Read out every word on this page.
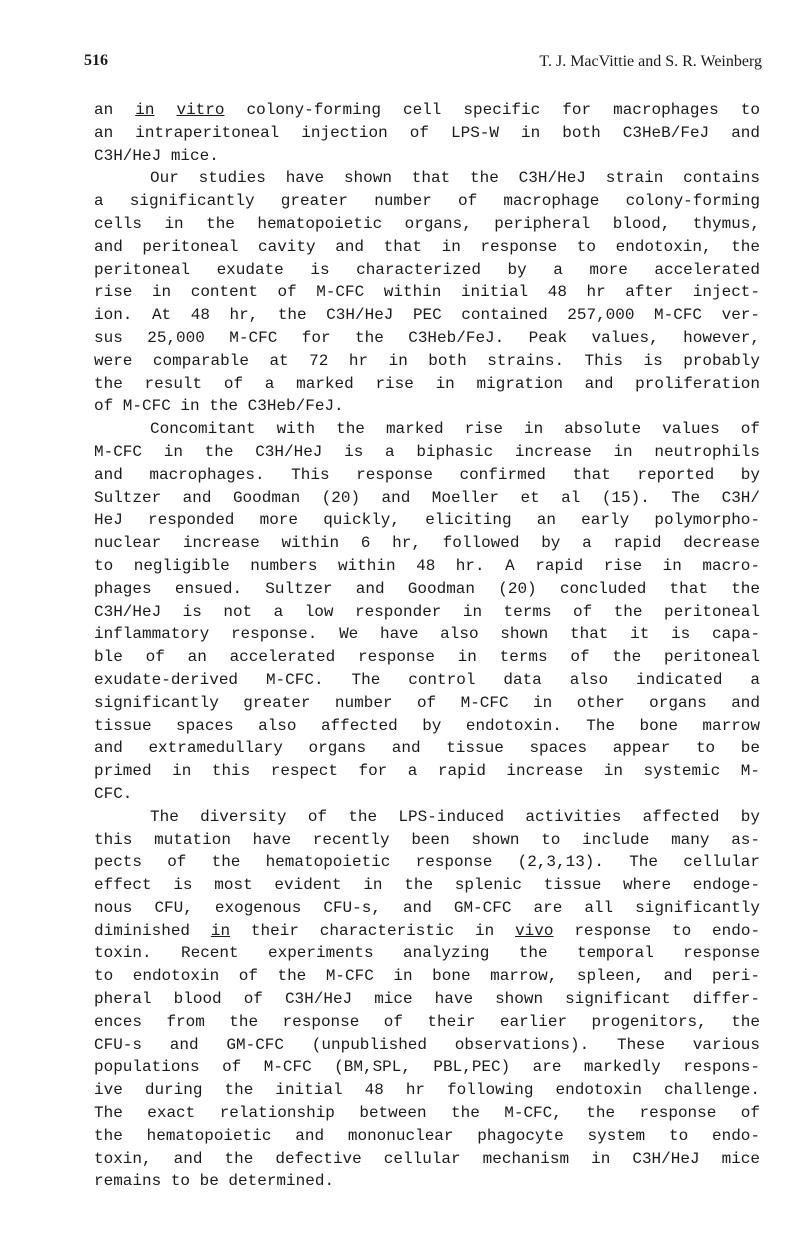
516	T. J. MacVittie and S. R. Weinberg
an in vitro colony-forming cell specific for macrophages to
an intraperitoneal injection of LPS-W in both C3HeB/FeJ and
C3H/HeJ mice.
Our studies have shown that the C3H/HeJ strain contains
a significantly greater number of macrophage colony-forming
cells in the hematopoietic organs, peripheral blood, thymus,
and peritoneal cavity and that in response to endotoxin, the
peritoneal exudate is characterized by a more accelerated
rise in content of M-CFC within initial 48 hr after inject-
ion. At 48 hr, the C3H/HeJ PEC contained 257,000 M-CFC ver-
sus 25,000 M-CFC for the C3Heb/FeJ. Peak values, however,
were comparable at 72 hr in both strains. This is probably
the result of a marked rise in migration and proliferation
of M-CFC in the C3Heb/FeJ.
Concomitant with the marked rise in absolute values of
M-CFC in the C3H/HeJ is a biphasic increase in neutrophils
and macrophages. This response confirmed that reported by
Sultzer and Goodman (20) and Moeller et al (15). The C3H/
HeJ responded more quickly, eliciting an early polymorpho-
nuclear increase within 6 hr, followed by a rapid decrease
to negligible numbers within 48 hr. A rapid rise in macro-
phages ensued. Sultzer and Goodman (20) concluded that the
C3H/HeJ is not a low responder in terms of the peritoneal
inflammatory response. We have also shown that it is capa-
ble of an accelerated response in terms of the peritoneal
exudate-derived M-CFC. The control data also indicated a
significantly greater number of M-CFC in other organs and
tissue spaces also affected by endotoxin. The bone marrow
and extramedullary organs and tissue spaces appear to be
primed in this respect for a rapid increase in systemic M-
CFC.
The diversity of the LPS-induced activities affected by
this mutation have recently been shown to include many as-
pects of the hematopoietic response (2,3,13). The cellular
effect is most evident in the splenic tissue where endoge-
nous CFU, exogenous CFU-s, and GM-CFC are all significantly
diminished in their characteristic in vivo response to endo-
toxin. Recent experiments analyzing the temporal response
to endotoxin of the M-CFC in bone marrow, spleen, and peri-
pheral blood of C3H/HeJ mice have shown significant differ-
ences from the response of their earlier progenitors, the
CFU-s and GM-CFC (unpublished observations). These various
populations of M-CFC (BM,SPL, PBL,PEC) are markedly respons-
ive during the initial 48 hr following endotoxin challenge.
The exact relationship between the M-CFC, the response of
the hematopoietic and mononuclear phagocyte system to endo-
toxin, and the defective cellular mechanism in C3H/HeJ mice
remains to be determined.
